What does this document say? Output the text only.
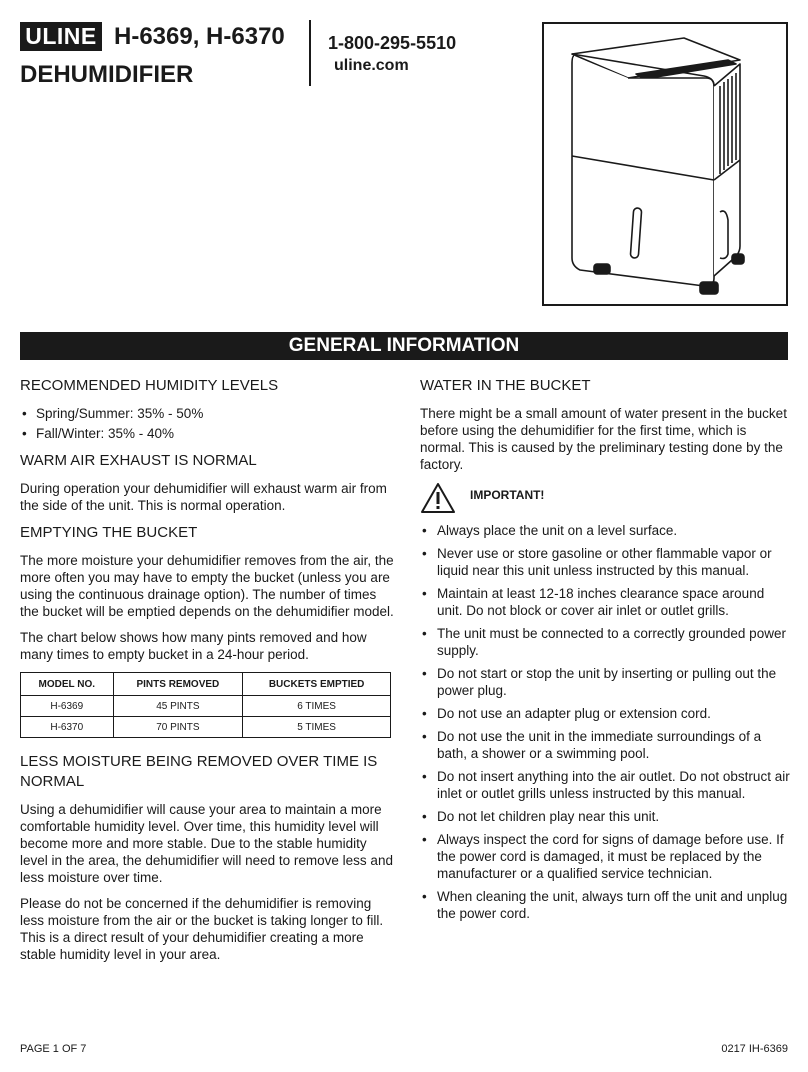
ULINE H-6369, H-6370
DEHUMIDIFIER
1-800-295-5510
uline.com
GENERAL INFORMATION
RECOMMENDED HUMIDITY LEVELS
• Spring/Summer: 35% - 50%
• Fall/Winter: 35% - 40%
WARM AIR EXHAUST IS NORMAL

During operation your dehumidifier will exhaust warm air from the side of the unit. This is normal operation.

EMPTYING THE BUCKET

The more moisture your dehumidifier removes from the air, the more often you may have to empty the bucket (unless you are using the continuous drainage option). The number of times the bucket will be emptied depends on the dehumidifier model.

The chart below shows how many pints removed and how many times to empty bucket in a 24-hour period.

MODEL NO.	PINTS REMOVED	BUCKETS EMPTIED
H-6369	45 PINTS	6 TIMES
H-6370	70 PINTS	5 TIMES
LESS MOISTURE BEING REMOVED OVER TIME IS NORMAL

Using a dehumidifier will cause your area to maintain a more comfortable humidity level. Over time, this humidity level will become more and more stable. Due to the stable humidity level in the area, the dehumidifier will need to remove less and less moisture over time.

Please do not be concerned if the dehumidifier is removing less moisture from the air or the bucket is taking longer to fill. This is a direct result of your dehumidifier creating a more stable humidity level in your area.

WATER IN THE BUCKET

There might be a small amount of water present in the bucket before using the dehumidifier for the first time, which is normal. This is caused by the preliminary testing done by the factory.

IMPORTANT!
• Always place the unit on a level surface.
• Never use or store gasoline or other flammable vapor or liquid near this unit unless instructed by this manual.
• Maintain at least 12-18 inches clearance space around unit. Do not block or cover air inlet or outlet grills.
• The unit must be connected to a correctly grounded power supply.
• Do not start or stop the unit by inserting or pulling out the power plug.
• Do not use an adapter plug or extension cord.
• Do not use the unit in the immediate surroundings of a bath, a shower or a swimming pool.
• Do not insert anything into the air outlet. Do not obstruct air inlet or outlet grills unless instructed by this manual.
• Do not let children play near this unit.
• Always inspect the cord for signs of damage before use. If the power cord is damaged, it must be replaced by the manufacturer or a qualified service technician.
• When cleaning the unit, always turn off the unit and unplug the power cord.
PAGE 1 OF 7	0217 IH-6369
